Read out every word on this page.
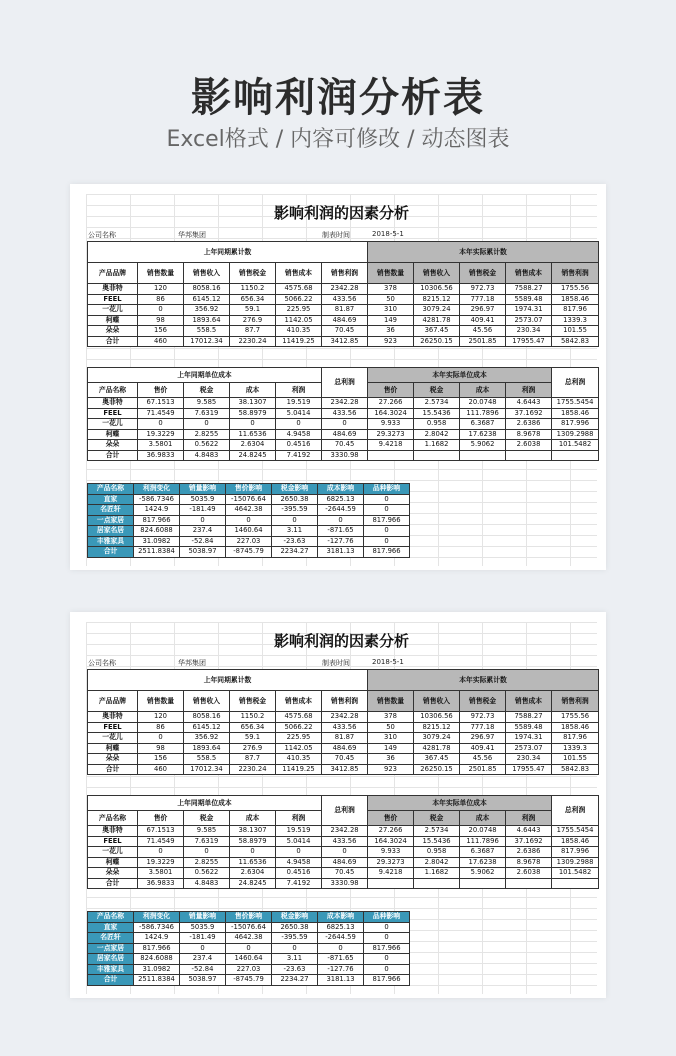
影响利润分析表
Excel格式 / 内容可修改 / 动态图表
影响利润的因素分析
公司名称	华邦集团	制表时间	2018-5-1
上年同期累计数						本年实际累计数				
产品品牌	销售数量	销售收入	销售税金	销售成本	销售利润	销售数量	销售收入	销售税金	销售成本	销售利润
奥菲特	120	8058.16	1150.2	4575.68	2342.28	378	10306.56	972.73	7588.27	1755.56
FEEL	86	6145.12	656.34	5066.22	433.56	50	8215.12	777.18	5589.48	1858.46
一花儿	0	356.92	59.1	225.95	81.87	310	3079.24	296.97	1974.31	817.96
柯蝶	98	1893.64	276.9	1142.05	484.69	149	4281.78	409.41	2573.07	1339.3
朵朵	156	558.5	87.7	410.35	70.45	36	367.45	45.56	230.34	101.55
合计	460	17012.34	2230.24	11419.25	3412.85	923	26250.15	2501.85	17955.47	5842.83
上年同期单位成本					总利润	本年实际单位成本				总利润
产品名称	售价	税金	成本	利润		售价	税金	成本	利润	
奥菲特	67.1513	9.585	38.1307	19.519	2342.28	27.266	2.5734	20.0748	4.6443	1755.5454
FEEL	71.4549	7.6319	58.8979	5.0414	433.56	164.3024	15.5436	111.7896	37.1692	1858.46
一花儿	0	0	0	0	0	9.933	0.958	6.3687	2.6386	817.996
柯蝶	19.3229	2.8255	11.6536	4.9458	484.69	29.3273	2.8042	17.6238	8.9678	1309.2988
朵朵	3.5801	0.5622	2.6304	0.4516	70.45	9.4218	1.1682	5.9062	2.6038	101.5482
合计	36.9833	4.8483	24.8245	7.4192	3330.98					
产品名称	利润变化	销量影响	售价影响	税金影响	成本影响	品种影响
直家	-586.7346	5035.9	-15076.64	2650.38	6825.13	0
名匠轩	1424.9	-181.49	4642.38	-395.59	-2644.59	0
一点家居	817.966	0	0	0	0	817.966
居家名居	824.6088	237.4	1460.64	3.11	-871.65	0
丰雅家具	31.0982	-52.84	227.03	-23.63	-127.76	0
合计	2511.8384	5038.97	-8745.79	2234.27	3181.13	817.966
影响利润的因素分析
公司名称	华邦集团	制表时间	2018-5-1
上年同期累计数						本年实际累计数				
产品品牌	销售数量	销售收入	销售税金	销售成本	销售利润	销售数量	销售收入	销售税金	销售成本	销售利润
奥菲特	120	8058.16	1150.2	4575.68	2342.28	378	10306.56	972.73	7588.27	1755.56
FEEL	86	6145.12	656.34	5066.22	433.56	50	8215.12	777.18	5589.48	1858.46
一花儿	0	356.92	59.1	225.95	81.87	310	3079.24	296.97	1974.31	817.96
柯蝶	98	1893.64	276.9	1142.05	484.69	149	4281.78	409.41	2573.07	1339.3
朵朵	156	558.5	87.7	410.35	70.45	36	367.45	45.56	230.34	101.55
合计	460	17012.34	2230.24	11419.25	3412.85	923	26250.15	2501.85	17955.47	5842.83
上年同期单位成本					总利润	本年实际单位成本				总利润
产品名称	售价	税金	成本	利润		售价	税金	成本	利润	
奥菲特	67.1513	9.585	38.1307	19.519	2342.28	27.266	2.5734	20.0748	4.6443	1755.5454
FEEL	71.4549	7.6319	58.8979	5.0414	433.56	164.3024	15.5436	111.7896	37.1692	1858.46
一花儿	0	0	0	0	0	9.933	0.958	6.3687	2.6386	817.996
柯蝶	19.3229	2.8255	11.6536	4.9458	484.69	29.3273	2.8042	17.6238	8.9678	1309.2988
朵朵	3.5801	0.5622	2.6304	0.4516	70.45	9.4218	1.1682	5.9062	2.6038	101.5482
合计	36.9833	4.8483	24.8245	7.4192	3330.98					
产品名称	利润变化	销量影响	售价影响	税金影响	成本影响	品种影响
直家	-586.7346	5035.9	-15076.64	2650.38	6825.13	0
名匠轩	1424.9	-181.49	4642.38	-395.59	-2644.59	0
一点家居	817.966	0	0	0	0	817.966
居家名居	824.6088	237.4	1460.64	3.11	-871.65	0
丰雅家具	31.0982	-52.84	227.03	-23.63	-127.76	0
合计	2511.8384	5038.97	-8745.79	2234.27	3181.13	817.966
